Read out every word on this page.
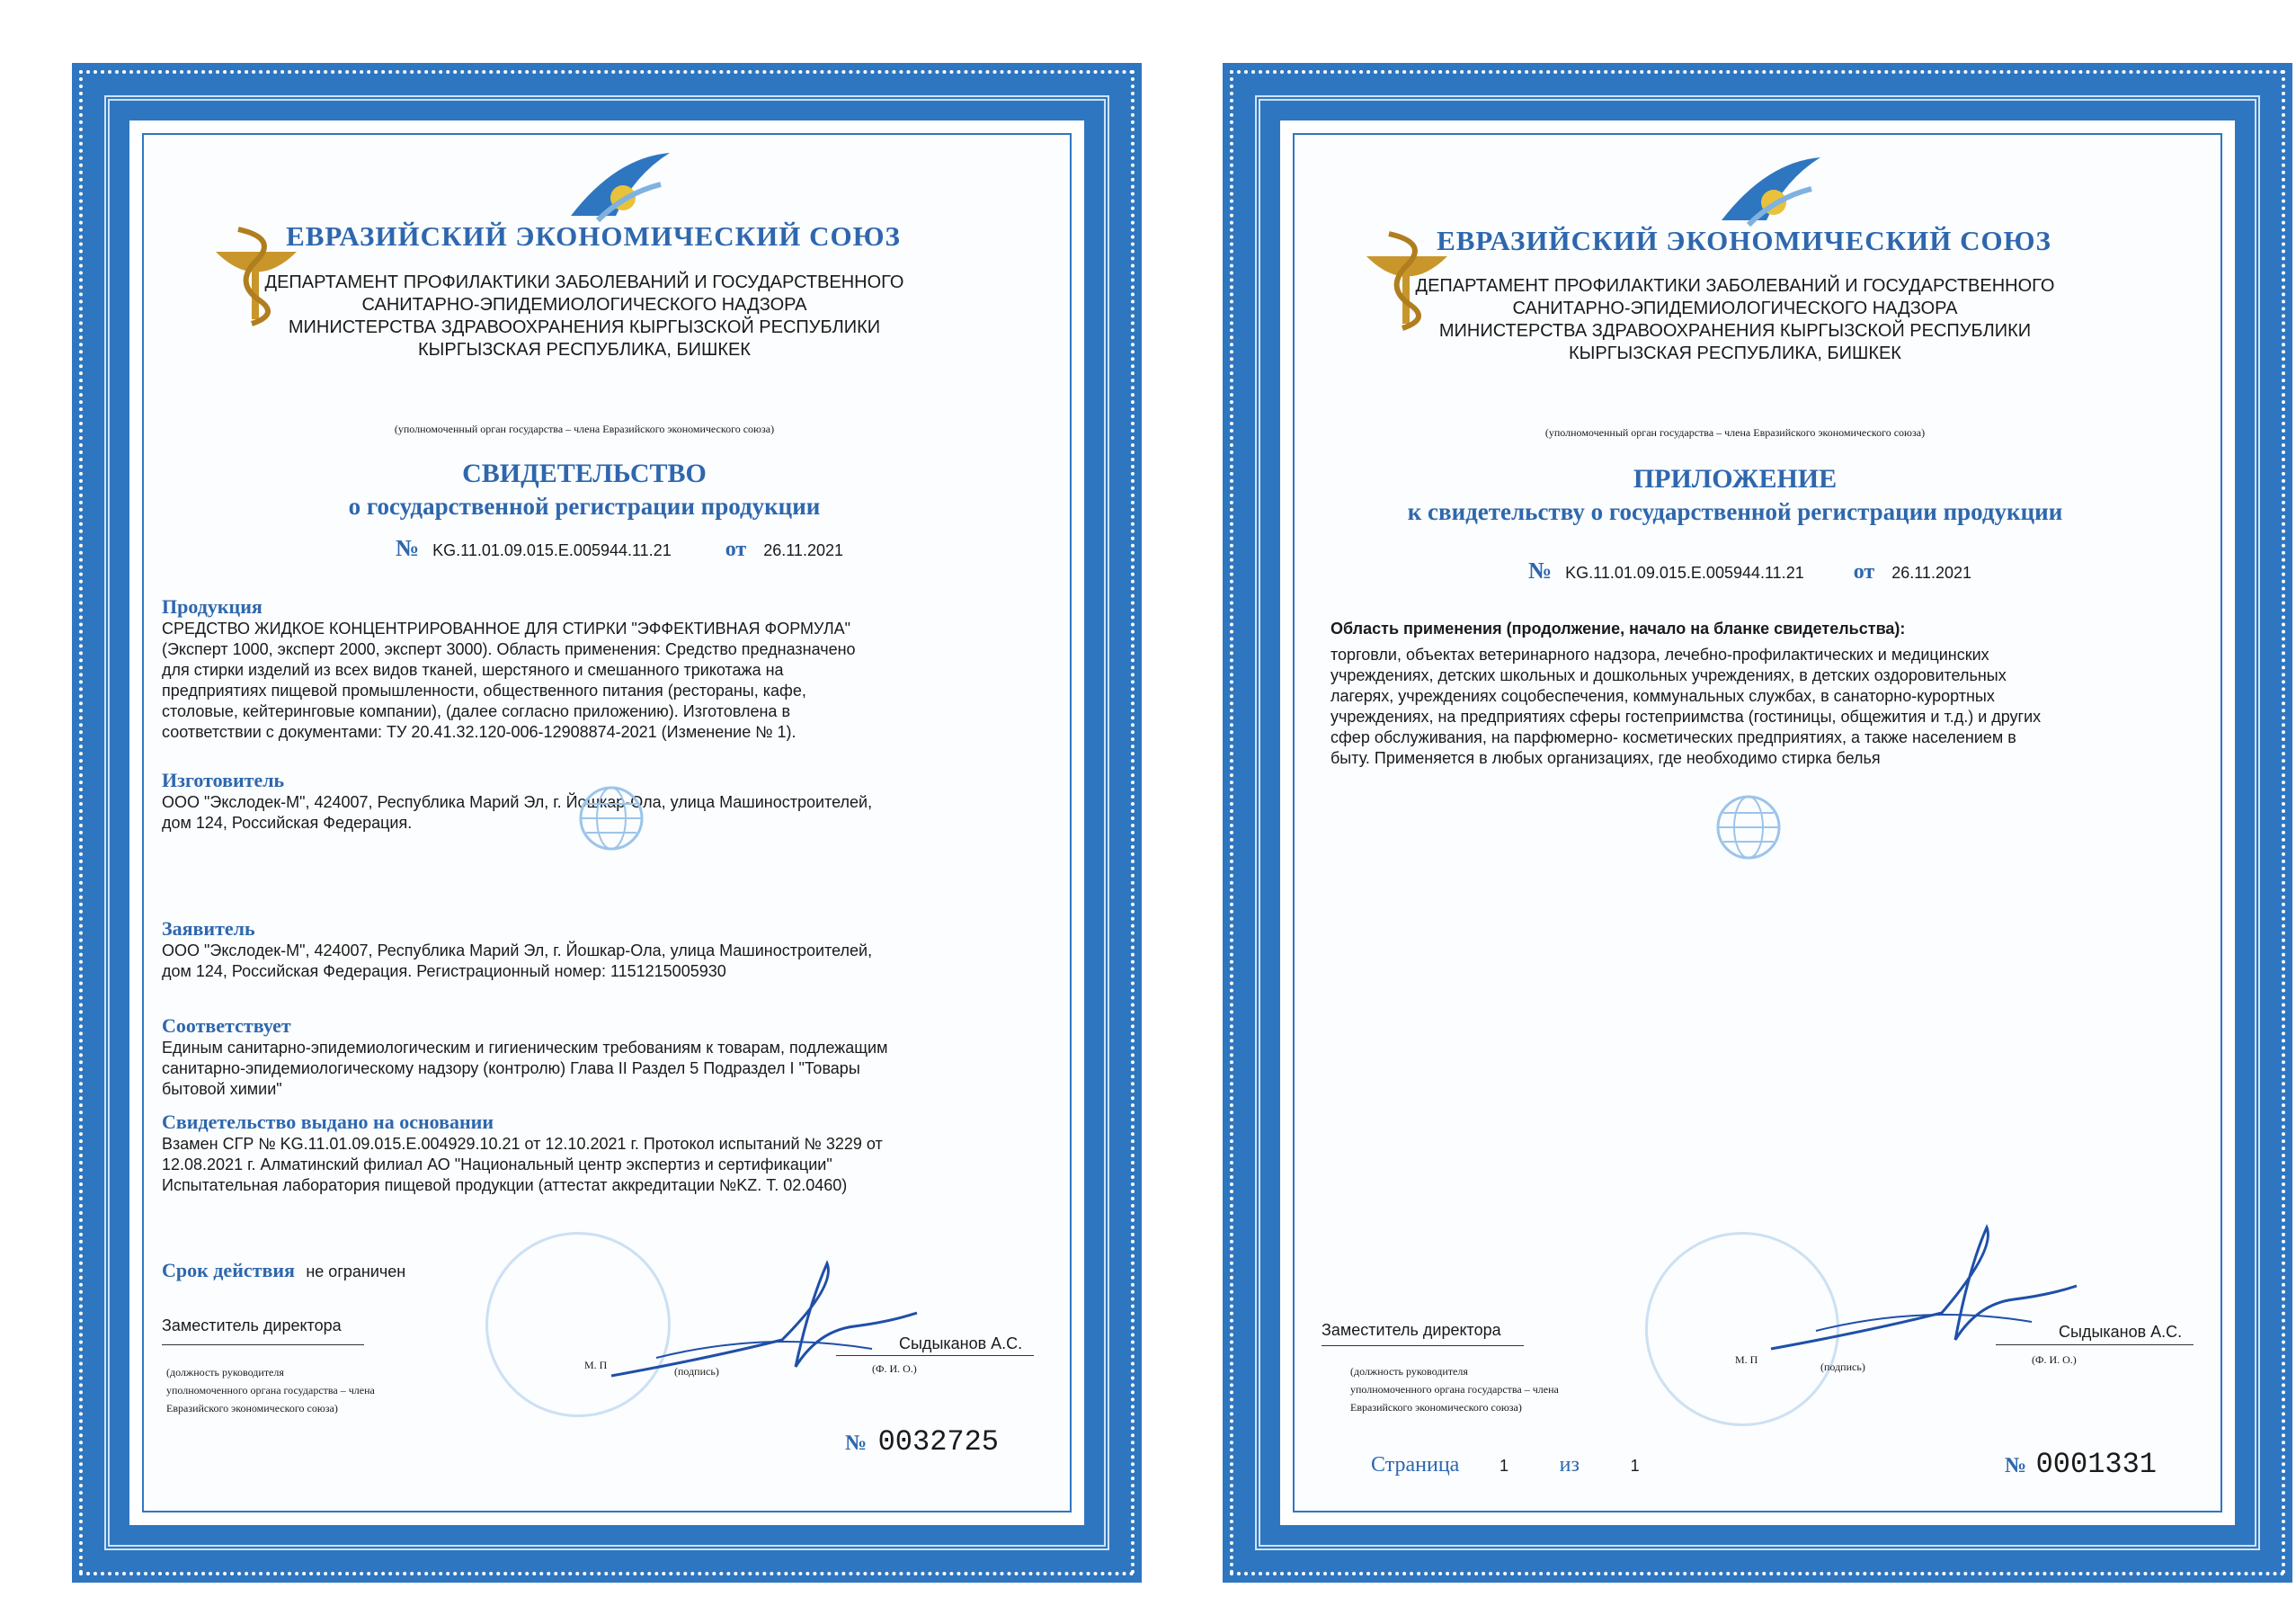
ЕВРАЗИЙСКИЙ ЭКОНОМИЧЕСКИЙ СОЮЗ
ДЕПАРТАМЕНТ ПРОФИЛАКТИКИ ЗАБОЛЕВАНИЙ И ГОСУДАРСТВЕННОГО
САНИТАРНО-ЭПИДЕМИОЛОГИЧЕСКОГО НАДЗОРА
МИНИСТЕРСТВА ЗДРАВООХРАНЕНИЯ КЫРГЫЗСКОЙ РЕСПУБЛИКИ
КЫРГЫЗСКАЯ РЕСПУБЛИКА, БИШКЕК
(уполномоченный орган государства – члена Евразийского экономического союза)
СВИДЕТЕЛЬСТВО
о государственной регистрации продукции
№ KG.11.01.09.015.Е.005944.11.21	от 26.11.2021
Продукция
СРЕДСТВО ЖИДКОЕ КОНЦЕНТРИРОВАННОЕ ДЛЯ СТИРКИ "ЭФФЕКТИВНАЯ ФОРМУЛА"
(Эксперт 1000, эксперт 2000, эксперт 3000). Область применения: Средство предназначено
для стирки изделий из всех видов тканей, шерстяного и смешанного трикотажа на
предприятиях пищевой промышленности, общественного питания (рестораны, кафе,
столовые, кейтеринговые компании), (далее согласно приложению). Изготовлена в
соответствии с документами: ТУ 20.41.32.120-006-12908874-2021 (Изменение № 1).
Изготовитель
ООО "Экслодек-М", 424007, Республика Марий Эл, г. Йошкар-Ола, улица Машиностроителей,
дом 124, Российская Федерация.
Заявитель
ООО "Экслодек-М", 424007, Республика Марий Эл, г. Йошкар-Ола, улица Машиностроителей,
дом 124, Российская Федерация. Регистрационный номер: 1151215005930
Соответствует
Единым санитарно-эпидемиологическим и гигиеническим требованиям к товарам, подлежащим
санитарно-эпидемиологическому надзору (контролю) Глава II Раздел 5 Подраздел I "Товары
бытовой химии"
Свидетельство выдано на основании
Взамен СГР № KG.11.01.09.015.Е.004929.10.21 от 12.10.2021 г. Протокол испытаний № 3229 от
12.08.2021 г. Алматинский филиал АО "Национальный центр экспертиз и сертификации"
Испытательная лаборатория пищевой продукции (аттестат аккредитации №KZ. Т. 02.0460)
Срок действия не ограничен
Заместитель директора
Сыдыканов А.С.
М. П	(подпись)	(Ф. И. О.)
(должность руководителя
уполномоченного органа государства – члена
Евразийского экономического союза)
№ 0032725
ЕВРАЗИЙСКИЙ ЭКОНОМИЧЕСКИЙ СОЮЗ
ДЕПАРТАМЕНТ ПРОФИЛАКТИКИ ЗАБОЛЕВАНИЙ И ГОСУДАРСТВЕННОГО
САНИТАРНО-ЭПИДЕМИОЛОГИЧЕСКОГО НАДЗОРА
МИНИСТЕРСТВА ЗДРАВООХРАНЕНИЯ КЫРГЫЗСКОЙ РЕСПУБЛИКИ
КЫРГЫЗСКАЯ РЕСПУБЛИКА, БИШКЕК
(уполномоченный орган государства – члена Евразийского экономического союза)
ПРИЛОЖЕНИЕ
к свидетельству о государственной регистрации продукции
№ KG.11.01.09.015.Е.005944.11.21 от 26.11.2021
Область применения (продолжение, начало на бланке свидетельства):
торговли, объектах ветеринарного надзора, лечебно-профилактических и медицинских
учреждениях, детских школьных и дошкольных учреждениях, в детских оздоровительных
лагерях, учреждениях соцобеспечения, коммунальных службах, в санаторно-курортных
учреждениях, на предприятиях сферы гостеприимства (гостиницы, общежития и т.д.) и других
сфер обслуживания, на парфюмерно- косметических предприятиях, а также населением в
быту. Применяется в любых организациях, где необходимо стирка белья
Заместитель директора	Сыдыканов А.С.
М. П
(подпись)
(Ф. И. О.)
(должность руководителя
уполномоченного органа государства – члена
Евразийского экономического союза)
Страница 1 из	1	№ 0001331
